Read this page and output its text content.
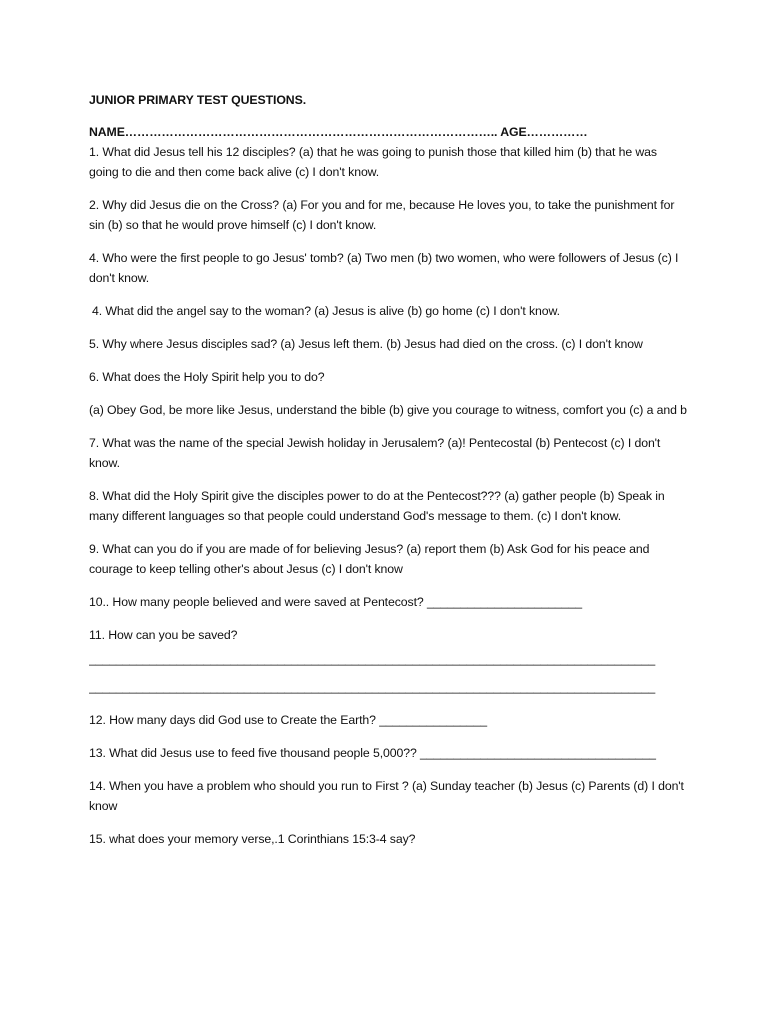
JUNIOR PRIMARY TEST QUESTIONS.

NAME……………………………………………………………………………….. AGE……………

1. What did Jesus tell his 12 disciples? (a) that he was going to punish those that killed him (b) that he was going to die and then come back alive (c) I don't know.

2. Why did Jesus die on the Cross? (a) For you and for me, because He loves you, to take the punishment for sin (b) so that he would prove himself (c) I don't know.

4. Who were the first people to go Jesus' tomb? (a) Two men (b) two women, who were followers of Jesus (c) I don't know.

4. What did the angel say to the woman? (a) Jesus is alive (b) go home (c) I don't know.

5. Why where Jesus disciples sad? (a) Jesus left them. (b) Jesus had died on the cross. (c) I don't know

6. What does the Holy Spirit help you to do?

(a) Obey God, be more like Jesus, understand the bible (b) give you courage to witness, comfort you (c) a and b

7. What was the name of the special Jewish holiday in Jerusalem? (a)! Pentecostal (b) Pentecost (c) I don't know.

8. What did the Holy Spirit give the disciples power to do at the Pentecost??? (a) gather people (b) Speak in many different languages so that people could understand God's message to them. (c) I don't know.

9. What can you do if you are made of for believing Jesus? (a) report them (b) Ask God for his peace and courage to keep telling other's about Jesus (c) I don't know

10.. How many people believed and were saved at Pentecost? _______________________

11. How can you be saved?

____________________________________________________________________________________

____________________________________________________________________________________

12. How many days did God use to Create the Earth? ________________

13. What did Jesus use to feed five thousand people 5,000?? ___________________________________

14. When you have a problem who should you run to First ? (a) Sunday teacher (b) Jesus (c) Parents (d) I don't know

15. what does your memory verse,.1 Corinthians 15:3-4 say?
